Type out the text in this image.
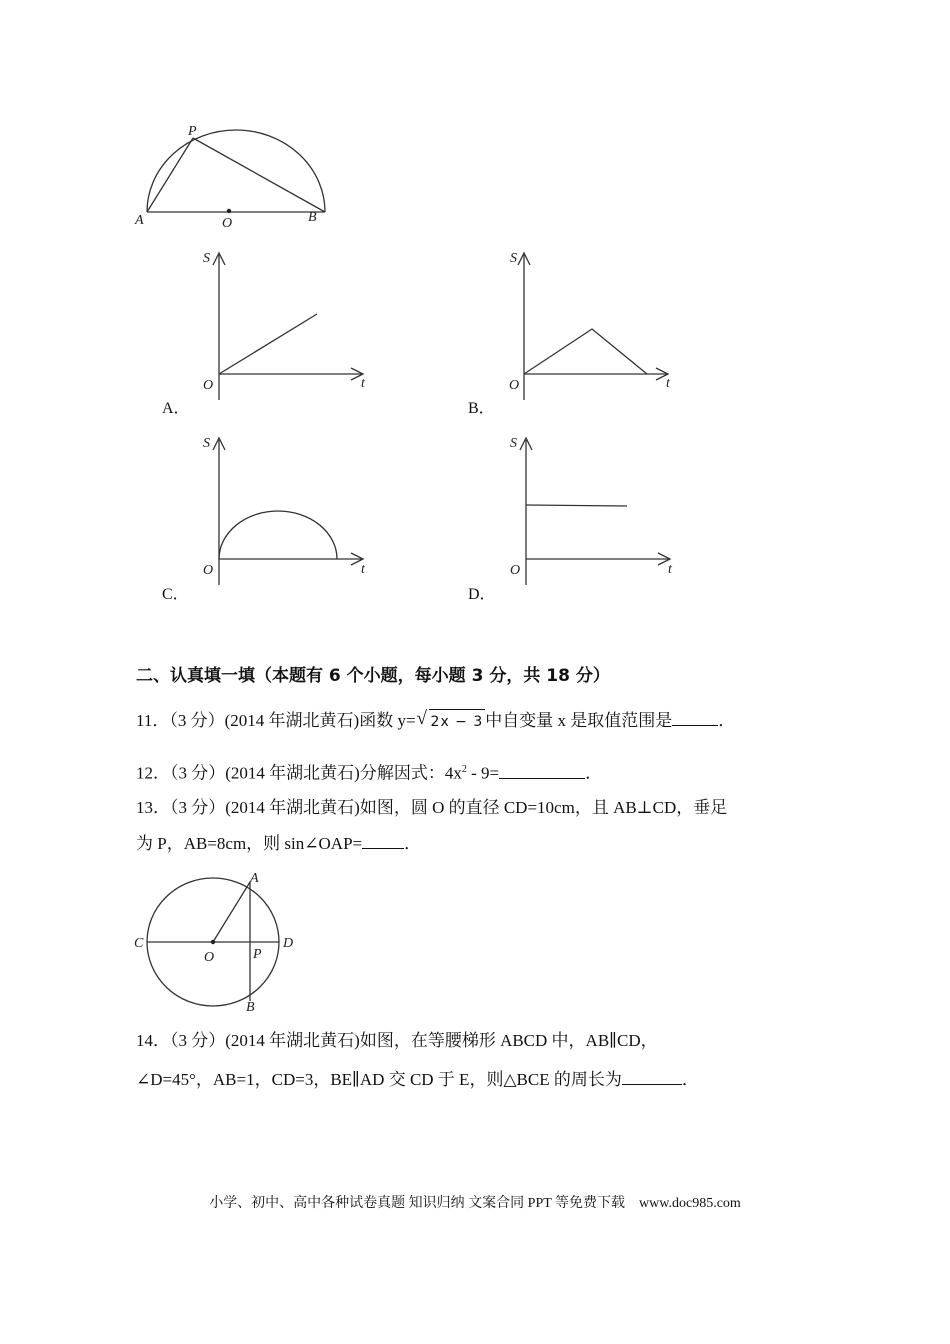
P
A	O	B
S
O	t
A．
S
O	t
B．
S
O	t
C．
S
O	t
D．
二、认真填一填（本题有 6 个小题，每小题 3 分，共 18 分）
11．（3 分）(2014 年湖北黄石)函数 y= √ 2x − 3 中自变量 x 是取值范围是	．
12．（3 分）(2014 年湖北黄石)分解因式：$4x^2 - 9=$	．
13．（3 分）(2014 年湖北黄石)如图，圆 O 的直径 CD=10cm，且 AB⊥CD，垂足
为 P，AB=8cm，则 sin∠OAP= ．
A
C
O	P
D
B
14．（3 分）(2014 年湖北黄石)如图，在等腰梯形 ABCD 中，AB∥CD，
∠D=45°，AB=1，CD=3，BE∥AD 交 CD 于 E，则△BCE 的周长为	．
小学、初中、高中各种试卷真题 知识归纳 文案合同 PPT 等免费下载　www.doc985.com
